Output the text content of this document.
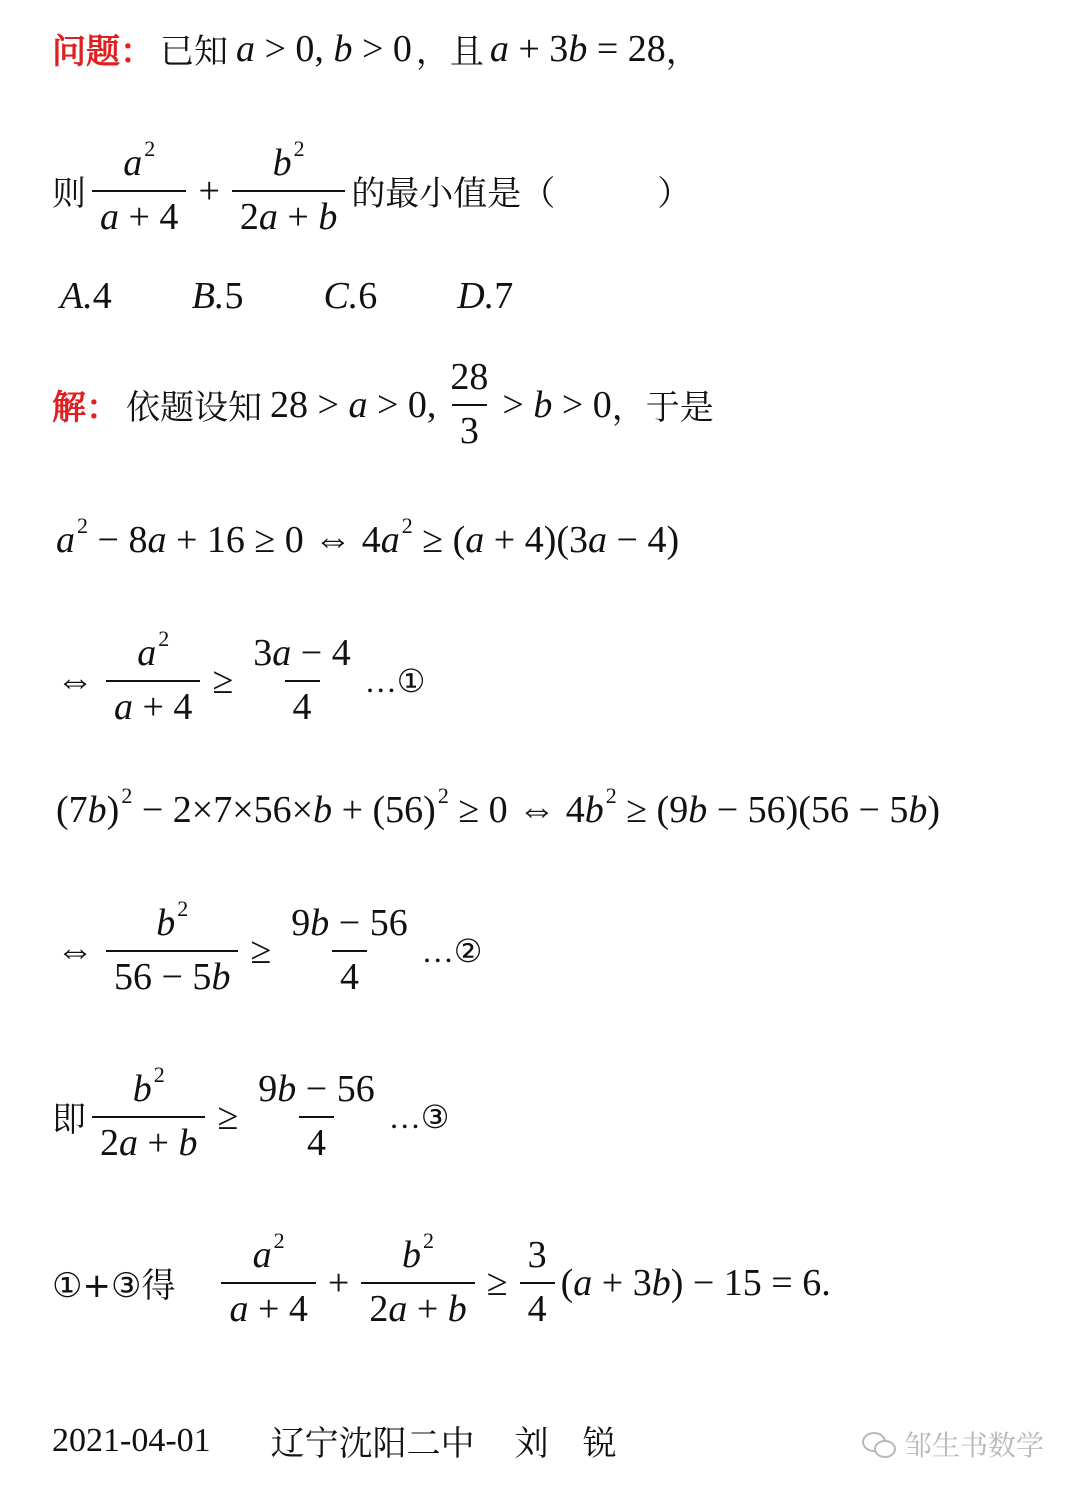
问题： 已知 a > 0, b > 0 ，且 a + 3b = 28 ，
则 $\frac{a^2}{a + 4} + \frac{b^2}{2a + b}$ 的最小值是（　　　）
A.4 B.5 C.6 D.7
解： 依题设知 28 > a > 0, $\frac{28}{3} > b > 0$ ，于是
$a^2 - 8a + 16 \ge 0$ ⇔ $4a^2 \ge (a + 4)(3a - 4)$
⇔ $\frac{a^2}{a + 4} \ge \frac{3a - 4}{4}$ …①
$(7b)^2 - 2\times 7\times 56\times b + (56)^2 \ge 0$ ⇔ $4b^2 \ge (9b - 56)(56 - 5b)$
⇔ $\frac{b^2}{56 - 5b} \ge \frac{9b - 56}{4}$ …②
即 $\frac{b^2}{2a + b} \ge \frac{9b - 56}{4}$ …③
①+③得 $\frac{a^2}{a + 4} + \frac{b^2}{2a + b} \ge \frac{3}{4} (a + 3b) - 15 = 6$.
2021-04-01 辽宁沈阳二中 刘　锐	邹生书数学
